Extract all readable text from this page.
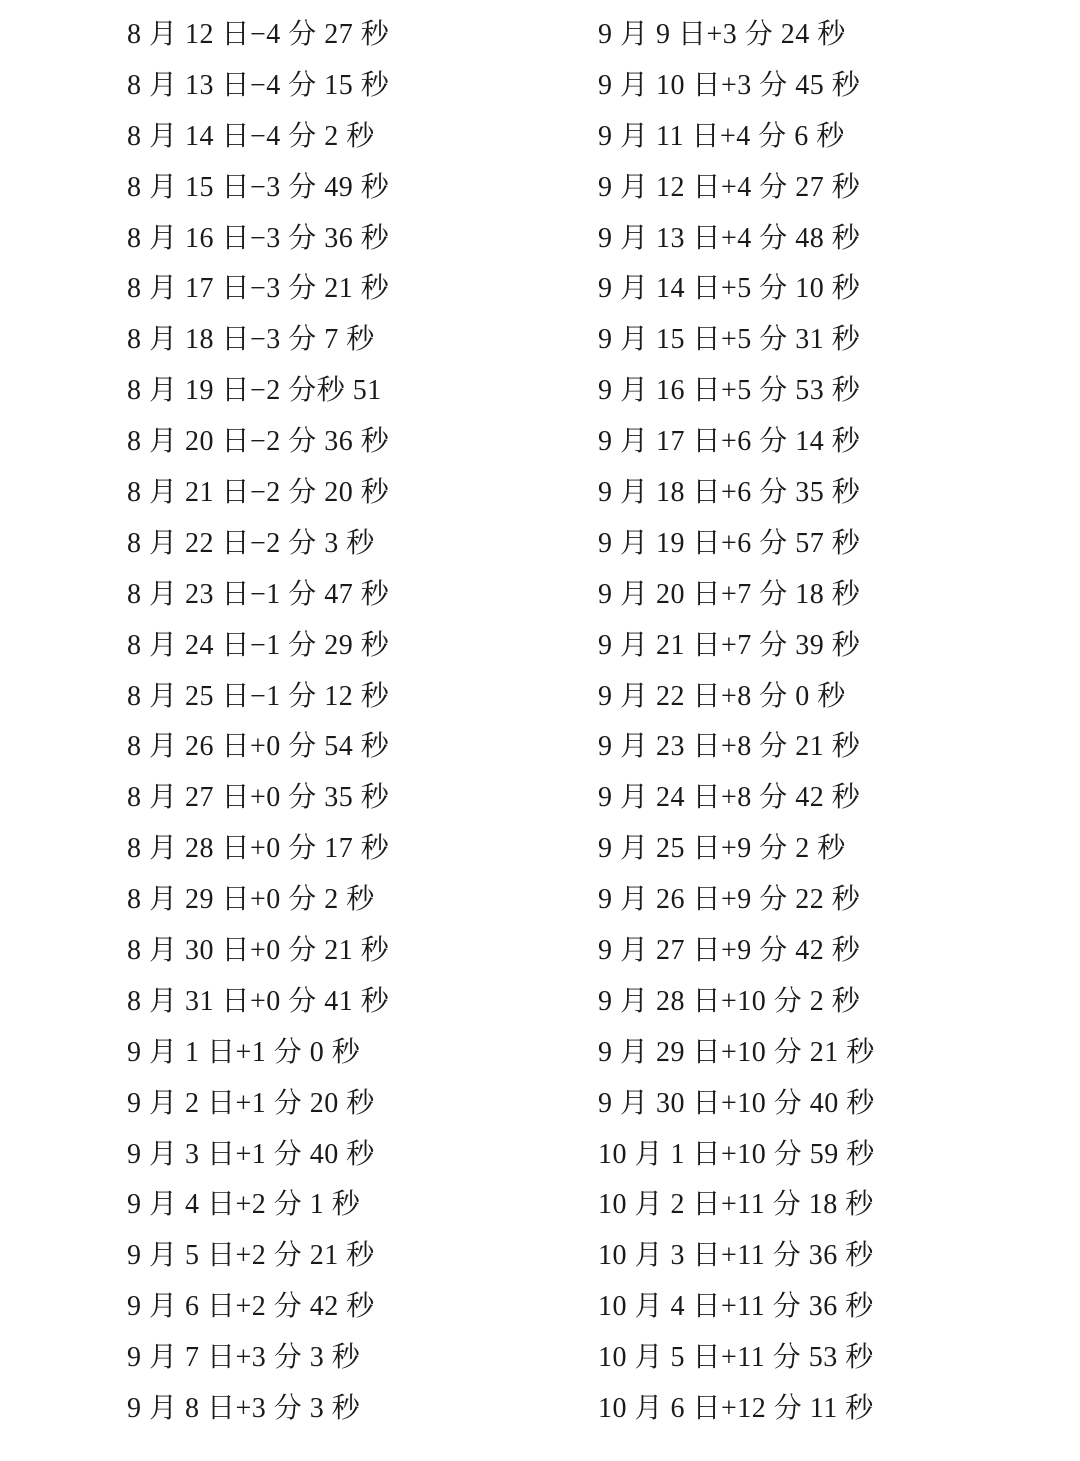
8 月 12 日−4 分 27 秒
8 月 13 日−4 分 15 秒
8 月 14 日−4 分 2 秒
8 月 15 日−3 分 49 秒
8 月 16 日−3 分 36 秒
8 月 17 日−3 分 21 秒
8 月 18 日−3 分 7 秒
8 月 19 日−2 分秒 51
8 月 20 日−2 分 36 秒
8 月 21 日−2 分 20 秒
8 月 22 日−2 分 3 秒
8 月 23 日−1 分 47 秒
8 月 24 日−1 分 29 秒
8 月 25 日−1 分 12 秒
8 月 26 日+0 分 54 秒
8 月 27 日+0 分 35 秒
8 月 28 日+0 分 17 秒
8 月 29 日+0 分 2 秒
8 月 30 日+0 分 21 秒
8 月 31 日+0 分 41 秒
9 月 1 日+1 分 0 秒
9 月 2 日+1 分 20 秒
9 月 3 日+1 分 40 秒
9 月 4 日+2 分 1 秒
9 月 5 日+2 分 21 秒
9 月 6 日+2 分 42 秒
9 月 7 日+3 分 3 秒
9 月 8 日+3 分 3 秒
9 月 9 日+3 分 24 秒
9 月 10 日+3 分 45 秒
9 月 11 日+4 分 6 秒
9 月 12 日+4 分 27 秒
9 月 13 日+4 分 48 秒
9 月 14 日+5 分 10 秒
9 月 15 日+5 分 31 秒
9 月 16 日+5 分 53 秒
9 月 17 日+6 分 14 秒
9 月 18 日+6 分 35 秒
9 月 19 日+6 分 57 秒
9 月 20 日+7 分 18 秒
9 月 21 日+7 分 39 秒
9 月 22 日+8 分 0 秒
9 月 23 日+8 分 21 秒
9 月 24 日+8 分 42 秒
9 月 25 日+9 分 2 秒
9 月 26 日+9 分 22 秒
9 月 27 日+9 分 42 秒
9 月 28 日+10 分 2 秒
9 月 29 日+10 分 21 秒
9 月 30 日+10 分 40 秒
10 月 1 日+10 分 59 秒
10 月 2 日+11 分 18 秒
10 月 3 日+11 分 36 秒
10 月 4 日+11 分 36 秒
10 月 5 日+11 分 53 秒
10 月 6 日+12 分 11 秒
